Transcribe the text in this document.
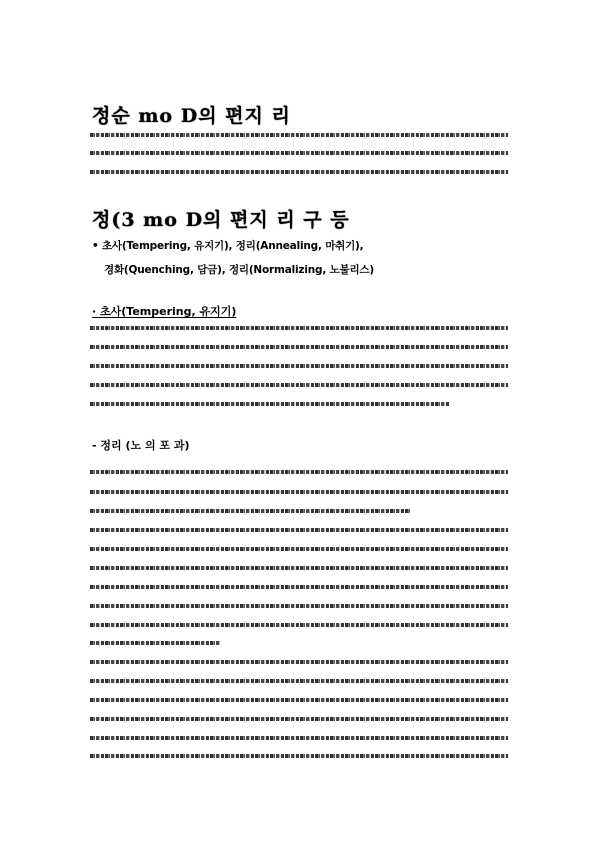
정순 mo D의 편지 리
정(3 mo D의 편지 리 구 등
• 초사(Tempering, 유지기), 정리(Annealing, 마취기),
경화(Quenching, 담금), 정리(Normalizing, 노불리스)
· 초사(Tempering, 유지기)
- 정리 (노 의 포 과)
